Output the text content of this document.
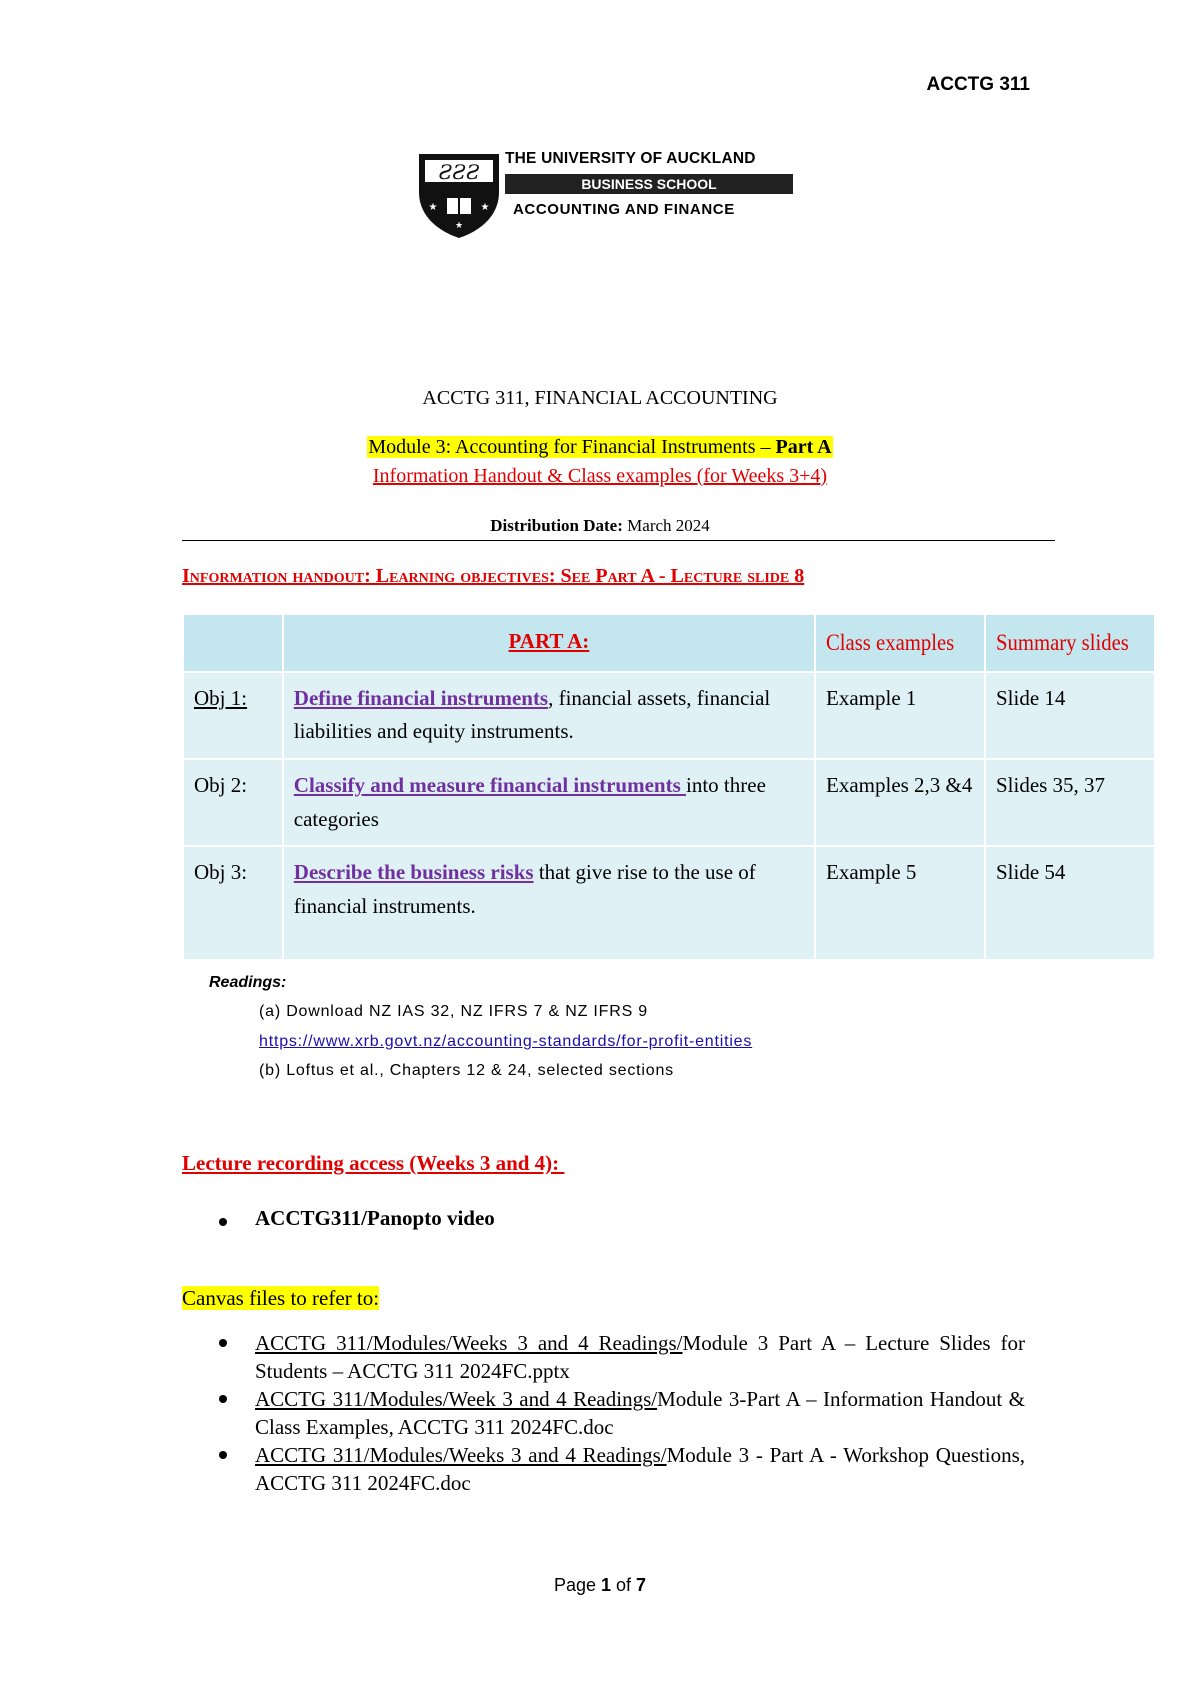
ACCTG 311
ƧƧƧ
★	★
★
THE UNIVERSITY OF AUCKLAND
BUSINESS SCHOOL
ACCOUNTING AND FINANCE
ACCTG 311, FINANCIAL ACCOUNTING
Module 3: Accounting for Financial Instruments – Part A
Information Handout & Class examples (for Weeks 3+4)
Distribution Date: March 2024
Information handout: Learning objectives: See Part A - Lecture slide 8
	PART A:	Class examples	Summary slides

Obj 1:	Define financial instruments, financial assets, financial liabilities and equity instruments.	Example 1	Slide 14
Obj 2:	Classify and measure financial instruments into three categories	Examples 2,3 &4	Slides 35, 37
Obj 3:	Describe the business risks that give rise to the use of financial instruments.	Example 5	Slide 54
Readings:
(a) Download NZ IAS 32, NZ IFRS 7 & NZ IFRS 9
https://www.xrb.govt.nz/accounting-standards/for-profit-entities
(b) Loftus et al., Chapters 12 & 24, selected sections
Lecture recording access (Weeks 3 and 4):
ACCTG311/Panopto video
Canvas files to refer to:
ACCTG 311/Modules/Weeks 3 and 4 Readings/Module 3 Part A – Lecture Slides for Students – ACCTG 311 2024FC.pptx
ACCTG 311/Modules/Week 3 and 4 Readings/Module 3-Part A – Information Handout & Class Examples, ACCTG 311 2024FC.doc
ACCTG 311/Modules/Weeks 3 and 4 Readings/Module 3 - Part A - Workshop Questions, ACCTG 311 2024FC.doc
Page 1 of 7
